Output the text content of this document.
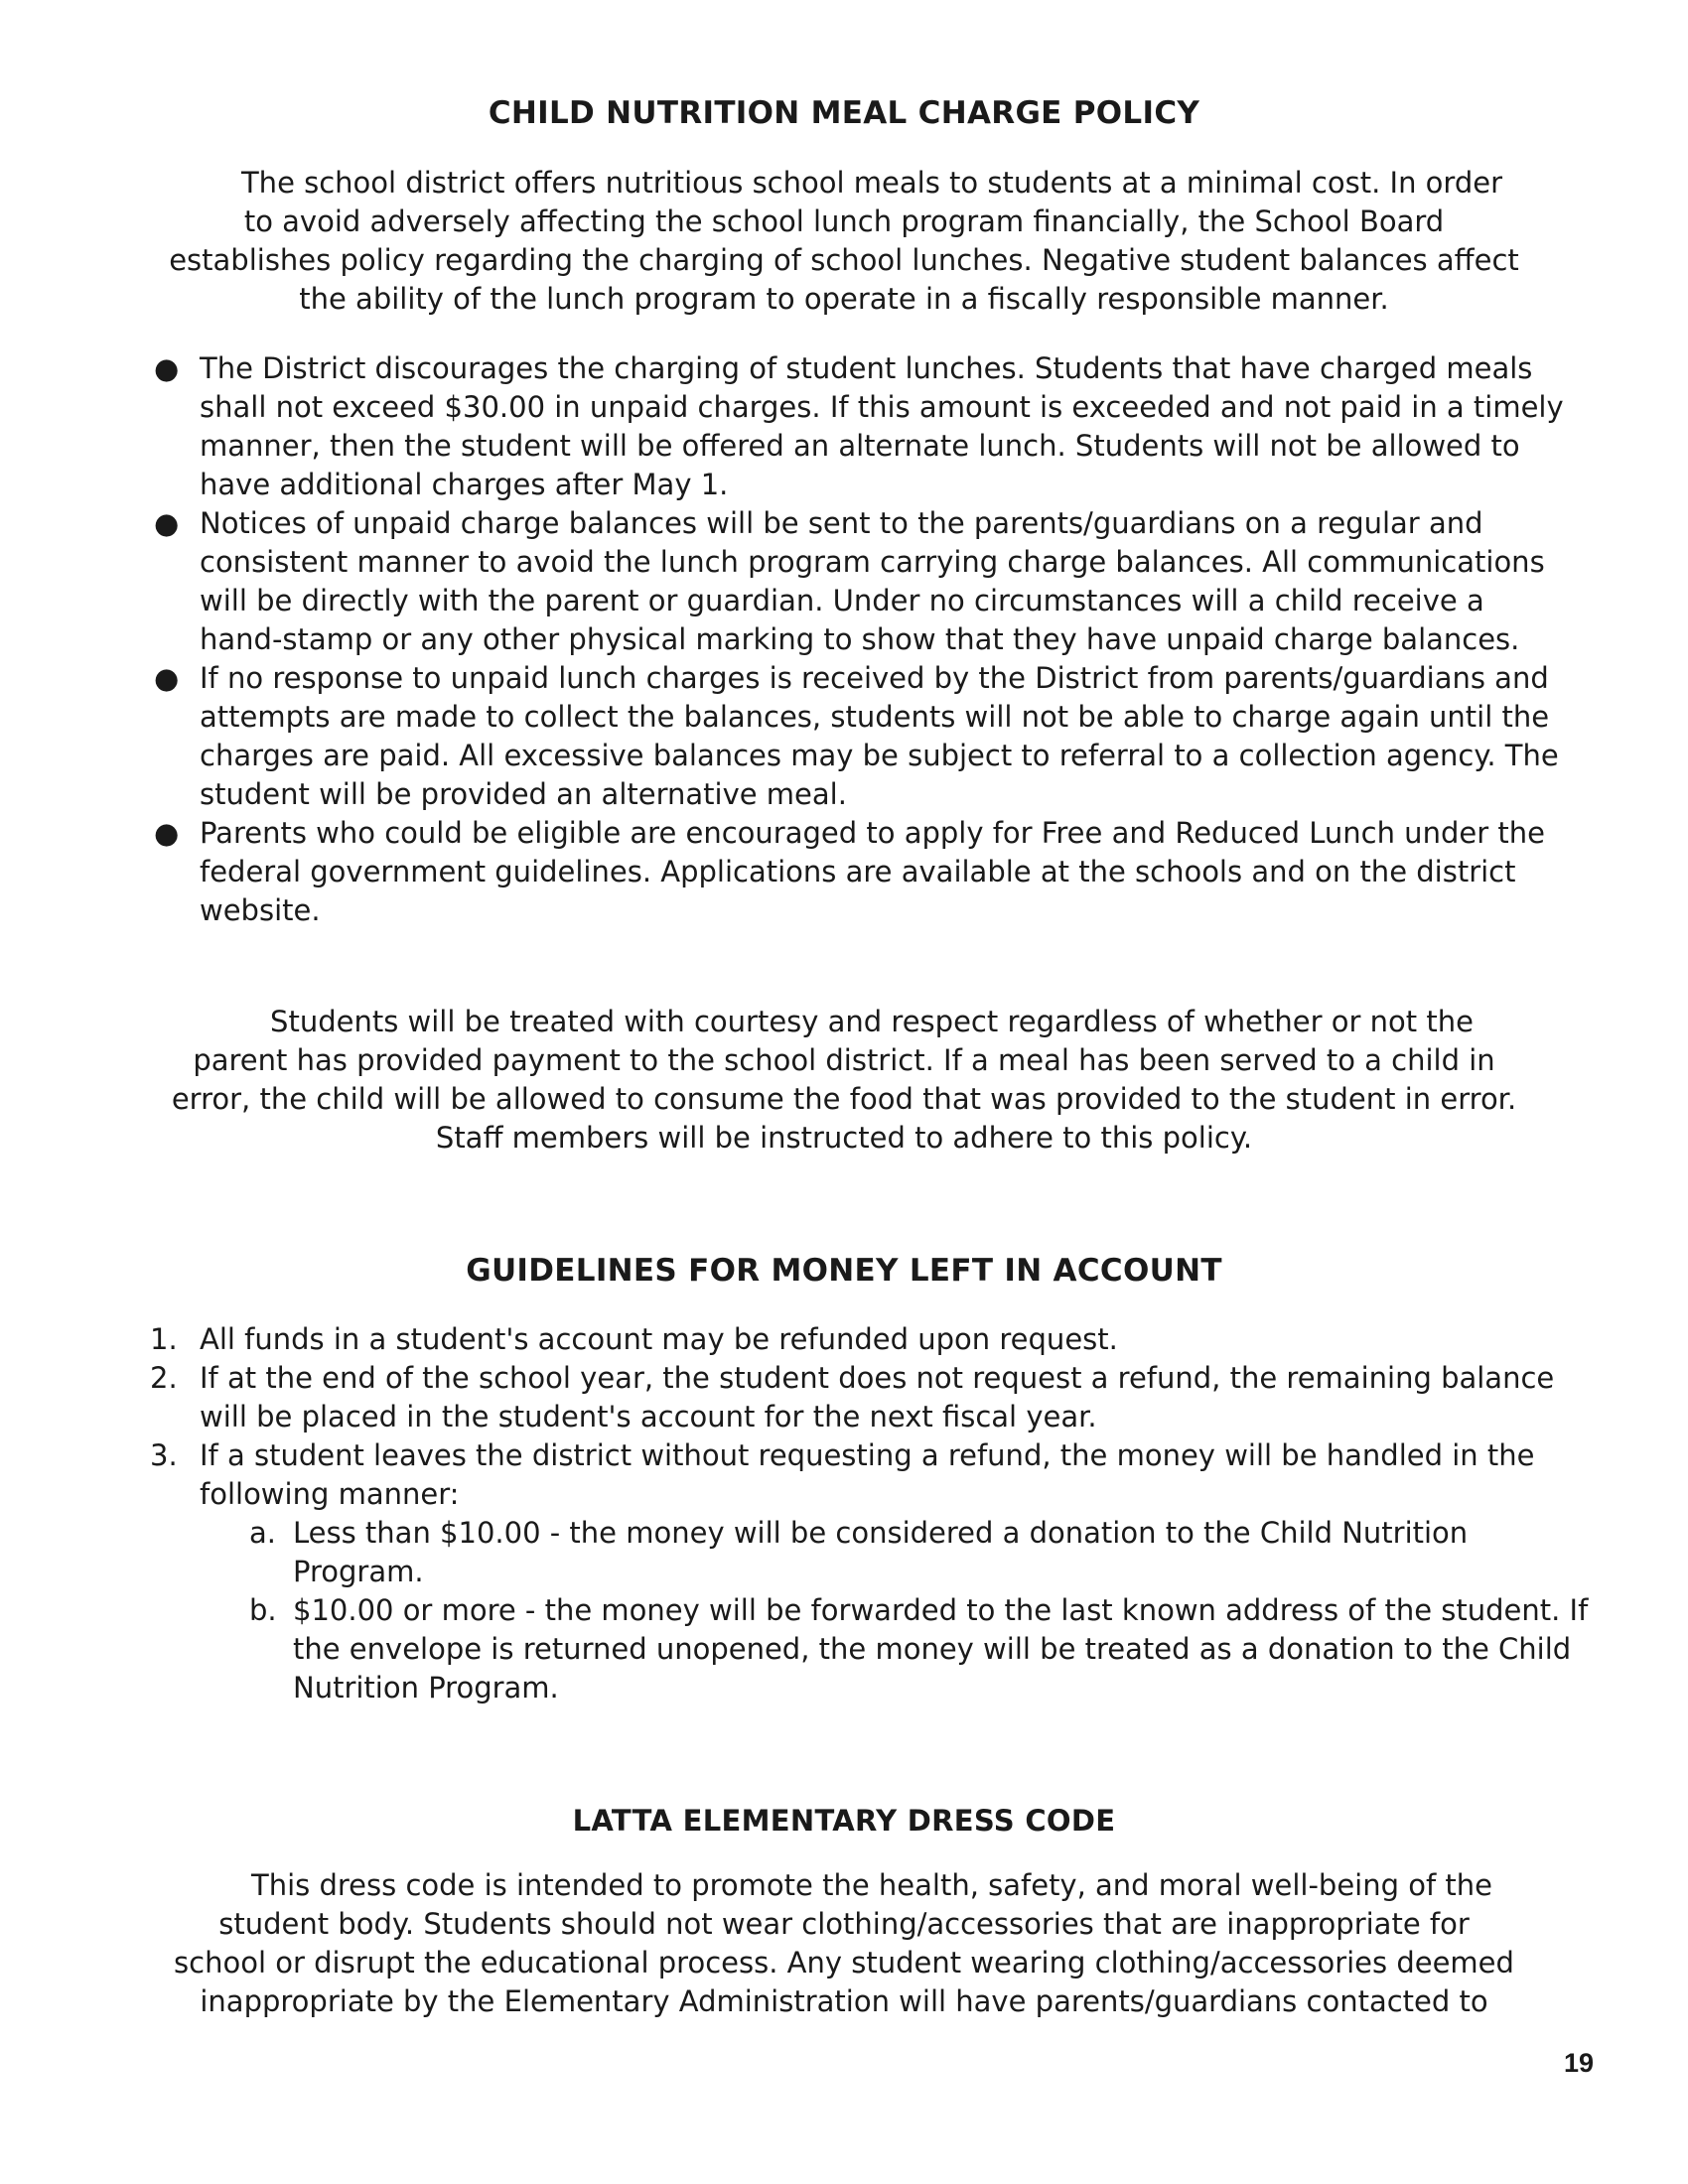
CHILD NUTRITION MEAL CHARGE POLICY

The school district offers nutritious school meals to students at a minimal cost. In order

to avoid adversely affecting the school lunch program financially, the School Board

establishes policy regarding the charging of school lunches. Negative student balances affect

the ability of the lunch program to operate in a fiscally responsible manner.

● The District discourages the charging of student lunches. Students that have charged meals shall not exceed $30.00 in unpaid charges. If this amount is exceeded and not paid in a timely manner, then the student will be offered an alternate lunch. Students will not be allowed to have additional charges after May 1.
● Notices of unpaid charge balances will be sent to the parents/guardians on a regular and consistent manner to avoid the lunch program carrying charge balances. All communications will be directly with the parent or guardian. Under no circumstances will a child receive a hand-stamp or any other physical marking to show that they have unpaid charge balances.
● If no response to unpaid lunch charges is received by the District from parents/guardians and attempts are made to collect the balances, students will not be able to charge again until the charges are paid. All excessive balances may be subject to referral to a collection agency. The student will be provided an alternative meal.
● Parents who could be eligible are encouraged to apply for Free and Reduced Lunch under the federal government guidelines. Applications are available at the schools and on the district website.

Students will be treated with courtesy and respect regardless of whether or not the

parent has provided payment to the school district. If a meal has been served to a child in

error, the child will be allowed to consume the food that was provided to the student in error.

Staff members will be instructed to adhere to this policy.

GUIDELINES FOR MONEY LEFT IN ACCOUNT
1. All funds in a student's account may be refunded upon request.
2. If at the end of the school year, the student does not request a refund, the remaining balance will be placed in the student's account for the next fiscal year.
3. If a student leaves the district without requesting a refund, the money will be handled in the following manner:
a. Less than $10.00 - the money will be considered a donation to the Child Nutrition Program.
b. $10.00 or more - the money will be forwarded to the last known address of the student. If the envelope is returned unopened, the money will be treated as a donation to the Child Nutrition Program.
LATTA ELEMENTARY DRESS CODE

This dress code is intended to promote the health, safety, and moral well-being of the

student body. Students should not wear clothing/accessories that are inappropriate for

school or disrupt the educational process. Any student wearing clothing/accessories deemed

inappropriate by the Elementary Administration will have parents/guardians contacted to

19
